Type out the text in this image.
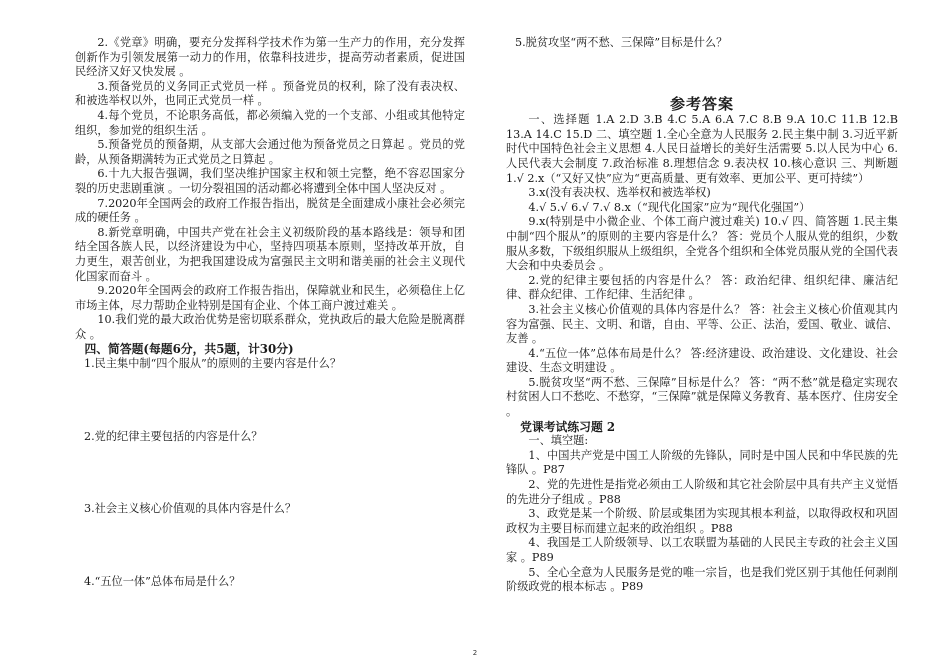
2.《党章》明确，要充分发挥科学技术作为第一生产力的作用，充分发挥创新作为引领发展第一动力的作用，依靠科技进步，提高劳动者素质，促进国民经济又好又快发展 。

3.预备党员的义务同正式党员一样 。预备党员的权利，除了没有表决权、和被选举权以外，也同正式党员一样 。

4.每个党员，不论职务高低，都必须编入党的一个支部、小组或其他特定组织，参加党的组织生活 。

5.预备党员的预备期，从支部大会通过他为预备党员之日算起 。党员的党龄，从预备期满转为正式党员之日算起 。

6.十九大报告强调，我们坚决维护国家主权和领土完整，绝不容忍国家分裂的历史悲剧重演 。一切分裂祖国的活动都必将遭到全体中国人坚决反对 。

7.2020年全国两会的政府工作报告指出，脱贫是全面建成小康社会必须完成的硬任务 。

8.新党章明确，中国共产党在社会主义初级阶段的基本路线是：领导和团结全国各族人民，以经济建设为中心，坚持四项基本原则，坚持改革开放，自力更生，艰苦创业，为把我国建设成为富强民主文明和谐美丽的社会主义现代化国家而奋斗 。

9.2020年全国两会的政府工作报告指出，保障就业和民生，必须稳住上亿市场主体，尽力帮助企业特别是国有企业、个体工商户渡过难关 。

10.我们党的最大政治优势是密切联系群众，党执政后的最大危险是脱离群众 。

四、简答题(每题6分，共5题，计30分)

1.民主集中制“四个服从”的原则的主要内容是什么？

2.党的纪律主要包括的内容是什么？

3.社会主义核心价值观的具体内容是什么？

4.“五位一体”总体布局是什么？

5.脱贫攻坚“两不愁、三保障”目标是什么？

参考答案

一、选择题 1.A 2.D 3.B 4.C 5.A 6.A 7.C 8.B 9.A 10.C 11.B 12.B 13.A 14.C 15.D 二、填空题 1.全心全意为人民服务 2.民主集中制 3.习近平新时代中国特色社会主义思想 4.人民日益增长的美好生活需要 5.以人民为中心 6.人民代表大会制度 7.政治标准 8.理想信念 9.表决权 10.核心意识 三、判断题 1.√ 2.x（“又好又快”应为“更高质量、更有效率、更加公平、更可持续”）

3.x(没有表决权、选举权和被选举权)

4.√ 5.√ 6.√ 7.√ 8.x（“现代化国家”应为“现代化强国”）

9.x(特别是中小微企业、个体工商户渡过难关) 10.√ 四、简答题 1.民主集中制“四个服从”的原则的主要内容是什么？ 答：党员个人服从党的组织，少数服从多数，下级组织服从上级组织，全党各个组织和全体党员服从党的全国代表大会和中央委员会 。

2.党的纪律主要包括的内容是什么？ 答：政治纪律、组织纪律、廉洁纪律、群众纪律、工作纪律、生活纪律 。

3.社会主义核心价值观的具体内容是什么？ 答：社会主义核心价值观其内容为富强、民主、文明、和谐，自由、平等、公正、法治，爱国、敬业、诚信、友善 。

4.“五位一体”总体布局是什么？ 答:经济建设、政治建设、文化建设、社会建设、生态文明建设 。

5.脱贫攻坚“两不愁、三保障”目标是什么？ 答：“两不愁”就是稳定实现农村贫困人口不愁吃、不愁穿，“三保障”就是保障义务教育、基本医疗、住房安全 。

党课考试练习题 2

一、填空题:

1、中国共产党是中国工人阶级的先锋队，同时是中国人民和中华民族的先锋队 。P87

2、党的先进性是指党必须由工人阶级和其它社会阶层中具有共产主义觉悟的先进分子组成 。P88

3、政党是某一个阶级、阶层或集团为实现其根本利益，以取得政权和巩固政权为主要目标而建立起来的政治组织 。P88

4、我国是工人阶级领导、以工农联盟为基础的人民民主专政的社会主义国家 。P89

5、全心全意为人民服务是党的唯一宗旨，也是我们党区别于其他任何剥削阶级政党的根本标志 。P89

2
